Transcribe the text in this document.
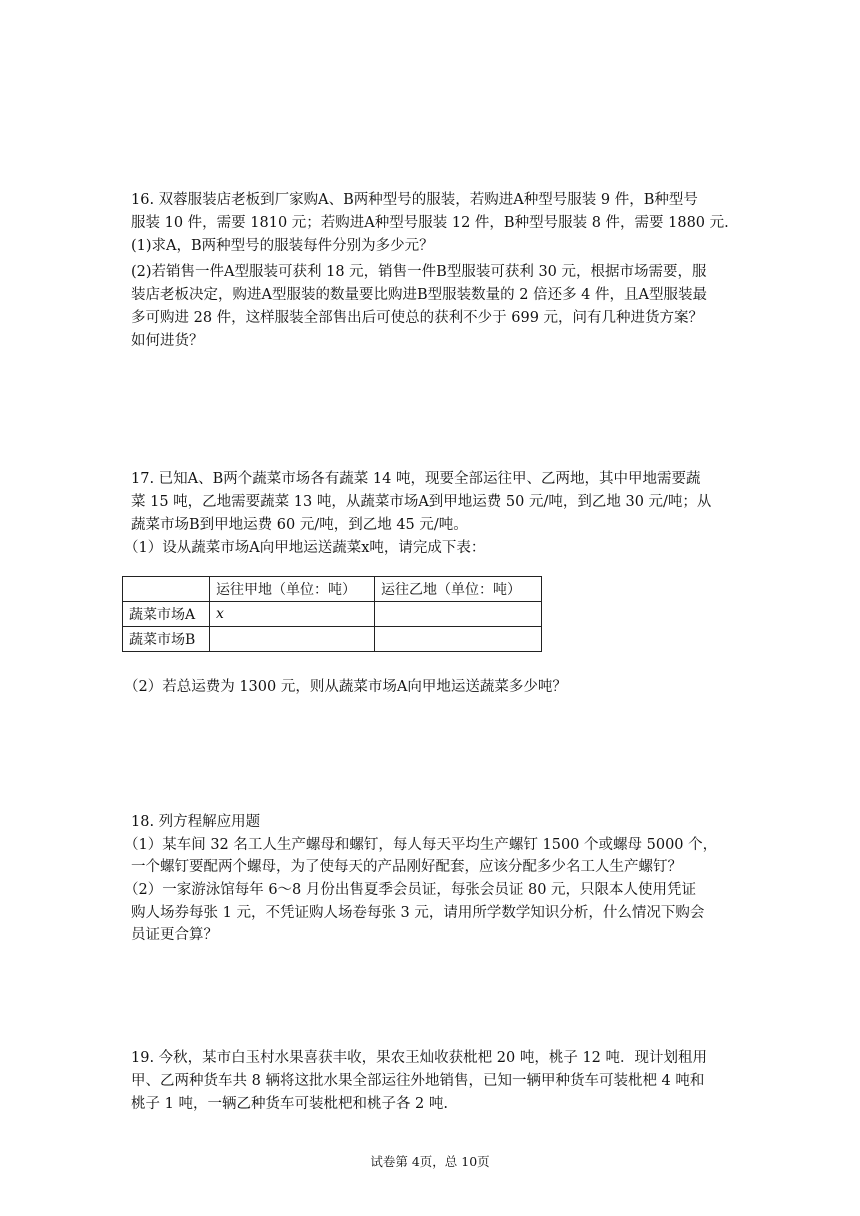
16. 双蓉服装店老板到厂家购A、B两种型号的服装，若购进A种型号服装 9 件，B种型号
服装 10 件，需要 1810 元；若购进A种型号服装 12 件，B种型号服装 8 件，需要 1880 元.
(1)求A，B两种型号的服装每件分别为多少元？
(2)若销售一件A型服装可获利 18 元，销售一件B型服装可获利 30 元，根据市场需要，服
装店老板决定，购进A型服装的数量要比购进B型服装数量的 2 倍还多 4 件，且A型服装最
多可购进 28 件，这样服装全部售出后可使总的获利不少于 699 元，问有几种进货方案？
如何进货？
17. 已知A、B两个蔬菜市场各有蔬菜 14 吨，现要全部运往甲、乙两地，其中甲地需要蔬
菜 15 吨，乙地需要蔬菜 13 吨，从蔬菜市场A到甲地运费 50 元/吨，到乙地 30 元/吨；从
蔬菜市场B到甲地运费 60 元/吨，到乙地 45 元/吨。
（1）设从蔬菜市场A向甲地运送蔬菜x吨，请完成下表：
	运往甲地（单位：吨）	运往乙地（单位：吨）
蔬菜市场A	x	
蔬菜市场B		
（2）若总运费为 1300 元，则从蔬菜市场A向甲地运送蔬菜多少吨？
18. 列方程解应用题
（1）某车间 32 名工人生产螺母和螺钉，每人每天平均生产螺钉 1500 个或螺母 5000 个，
一个螺钉要配两个螺母，为了使每天的产品刚好配套，应该分配多少名工人生产螺钉？
（2）一家游泳馆每年 6～8 月份出售夏季会员证，每张会员证 80 元，只限本人使用凭证
购人场券每张 1 元，不凭证购人场卷每张 3 元，请用所学数学知识分析，什么情况下购会
员证更合算？
19. 今秋，某市白玉村水果喜获丰收，果农王灿收获枇杷 20 吨，桃子 12 吨．现计划租用
甲、乙两种货车共 8 辆将这批水果全部运往外地销售，已知一辆甲种货车可装枇杷 4 吨和
桃子 1 吨，一辆乙种货车可装枇杷和桃子各 2 吨.
试卷第 4页，总 10页
